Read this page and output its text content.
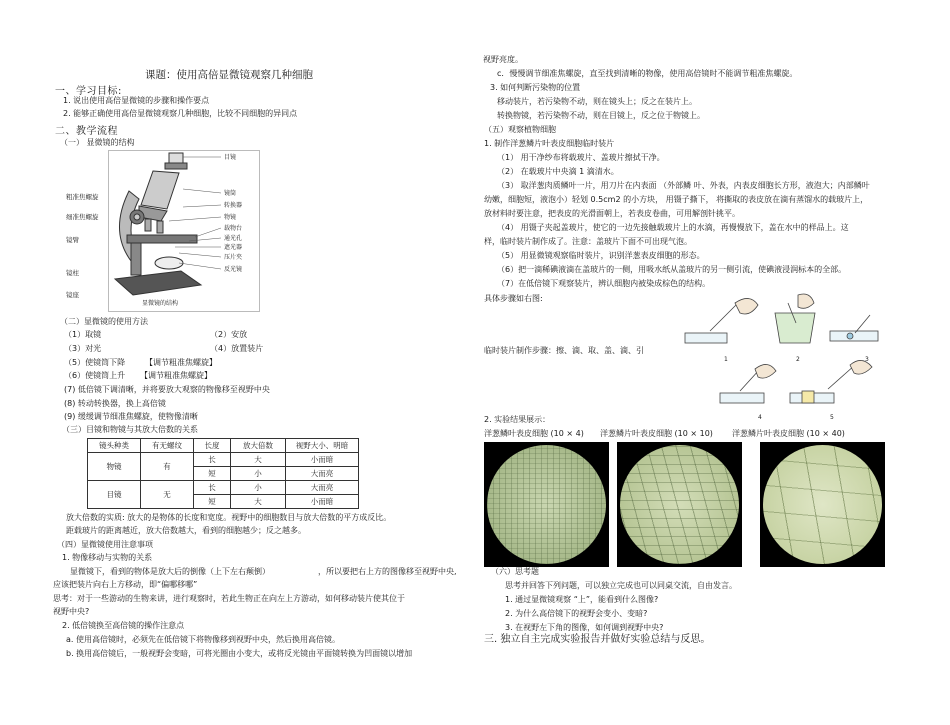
课题：使用高倍显微镜观察几种细胞
一、学习目标:
1. 说出使用高倍显微镜的步骤和操作要点
2. 能够正确使用高倍显微镜观察几种细胞，比较不同细胞的异同点
二、教学流程
（一） 显微镜的结构
目镜
镜筒
转换器
物镜
载物台
通光孔
遮光器
压片夹
反光镜
显微镜的结构
粗准焦螺旋
细准焦螺旋
镜臂
镜柱
镜座
（二）显微镜的使用方法
（1）取镜	（2）安放
（3）对光	（4）放置装片
（5）使镜筒下降 【调节粗准焦螺旋】
（6）使镜筒上升 【调节粗准焦螺旋】
(7) 低倍镜下调清晰，并将要放大观察的物像移至视野中央
(8) 转动转换器，换上高倍镜
(9) 缓缓调节细准焦螺旋，使物像清晰
（三）目镜和物镜与其放大倍数的关系
镜头种类	有无螺纹	长度	放大倍数	视野大小、明暗
物镜	有	长	大	小而暗
		短	小	大而亮
目镜	无	长	小	大而亮
		短	大	小而暗
放大倍数的实质: 放大的是物体的长度和宽度。视野中的细胞数目与放大倍数的平方成反比。
距载玻片的距离越近，放大倍数越大，看到的细胞越少；反之越多。
（四）显微镜使用注意事项
1. 物像移动与实物的关系
显微镜下，看到的物体是放大后的倒像（上下左右颠倒）	，所以要把右上方的图像移至视野中央,
应该把装片向右上方移动，即“偏哪移哪”
思考：对于一些游动的生物来讲，进行观察时，若此生物正在向左上方游动，如何移动装片使其位于
视野中央?
2. 低倍镜换至高倍镜的操作注意点
a. 使用高倍镜时，必须先在低倍镜下将物像移到视野中央，然后换用高倍镜。
b. 换用高倍镜后，一般视野会变暗，可将光圈由小变大，或将反光镜由平面镜转换为凹面镜以增加
视野亮度。
c．慢慢调节细准焦螺旋，直至找到清晰的物像，使用高倍镜时不能调节粗准焦螺旋。
3. 如何判断污染物的位置
移动装片，若污染物不动，则在镜头上；反之在装片上。
转换物镜，若污染物不动，则在目镜上，反之位于物镜上。
（五）观察植物细胞
1. 制作洋葱鳞片叶表皮细胞临时装片
（1） 用干净纱布将载玻片、盖玻片擦拭干净。
（2） 在载玻片中央滴 1 滴清水。
（3） 取洋葱肉质鳞叶一片，用刀片在内表面 （外部鳞 叶、外表，内表皮细胞长方形，液泡大；内部鳞叶
幼嫩，细胞短，液泡小）轻划 0.5cm2 的小方块， 用镊子撕下， 将撕取的表皮放在滴有蒸馏水的载玻片上，
放材料时要注意，把表皮的光滑面朝上，若表皮卷曲，可用解剖针挑平。
（4） 用镊子夹起盖玻片，使它的一边先接触载玻片上的水滴，再慢慢放下，盖在水中的样品上。这
样，临时装片制作成了。注意：盖玻片下面不可出现气泡。
（5） 用显微镜观察临时装片，识别洋葱表皮细胞的形态。
（6）把一滴稀碘液滴在盖玻片的一侧，用吸水纸从盖玻片的另一侧引流，使碘液浸润标本的全部。
（7）在低倍镜下观察装片，辨认细胞内被染成棕色的结构。
具体步骤如右图:
临时装片制作步骤：擦、滴、取、盖、滴、引
1	2	3
4	5
2. 实验结果展示：
洋葱鳞叶表皮细胞 (10 × 4) 洋葱鳞片叶表皮细胞 (10 × 10) 洋葱鳞片叶表皮细胞 (10 × 40)
（六）思考题
思考并回答下列问题，可以独立完成也可以同桌交流，自由发言。
1. 通过显微镜观察 “上”，能看到什么图像?
2. 为什么高倍镜下的视野会变小、变暗?
3. 在视野左下角的图像，如何调到视野中央?
三. 独立自主完成实验报告并做好实验总结与反思。
